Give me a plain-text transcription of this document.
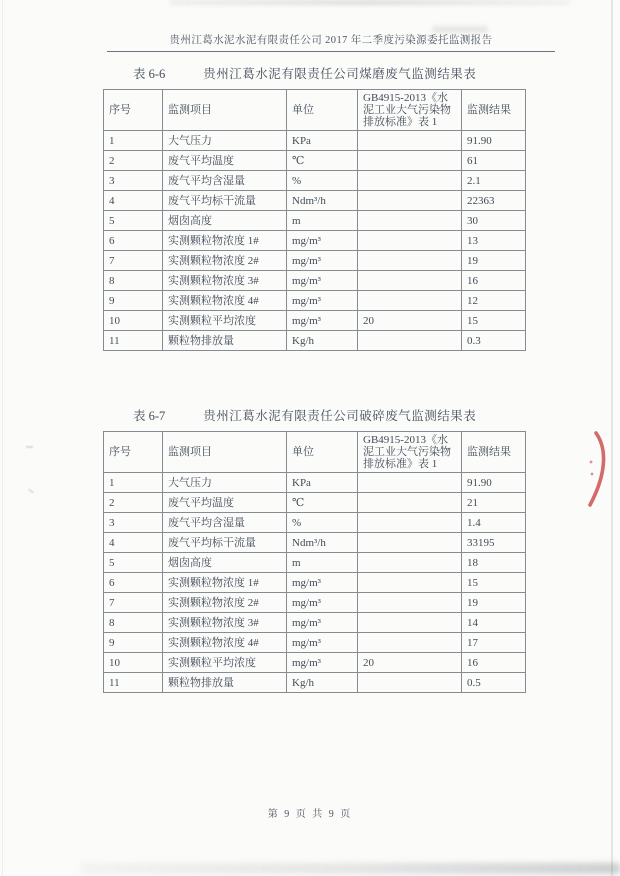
贵州江葛水泥水泥有限责任公司 2017 年二季度污染源委托监测报告
表 6-6	贵州江葛水泥有限责任公司煤磨废气监测结果表
序号	监测项目	单位	GB4915-2013《水泥工业大气污染物排放标准》表 1	监测结果
1	大气压力	KPa		91.90
2	废气平均温度	℃		61
3	废气平均含湿量	%		2.1
4	废气平均标干流量	Ndm³/h		22363
5	烟囱高度	m		30
6	实测颗粒物浓度 1#	mg/m³		13
7	实测颗粒物浓度 2#	mg/m³		19
8	实测颗粒物浓度 3#	mg/m³		16
9	实测颗粒物浓度 4#	mg/m³		12
10	实测颗粒平均浓度	mg/m³	20	15
11	颗粒物排放量	Kg/h		0.3
表 6-7	贵州江葛水泥有限责任公司破碎废气监测结果表
序号	监测项目	单位	GB4915-2013《水泥工业大气污染物排放标准》表 1	监测结果
1	大气压力	KPa		91.90
2	废气平均温度	℃		21
3	废气平均含湿量	%		1.4
4	废气平均标干流量	Ndm³/h		33195
5	烟囱高度	m		18
6	实测颗粒物浓度 1#	mg/m³		15
7	实测颗粒物浓度 2#	mg/m³		19
8	实测颗粒物浓度 3#	mg/m³		14
9	实测颗粒物浓度 4#	mg/m³		17
10	实测颗粒平均浓度	mg/m³	20	16
11	颗粒物排放量	Kg/h		0.5
第 9 页 共 9 页
